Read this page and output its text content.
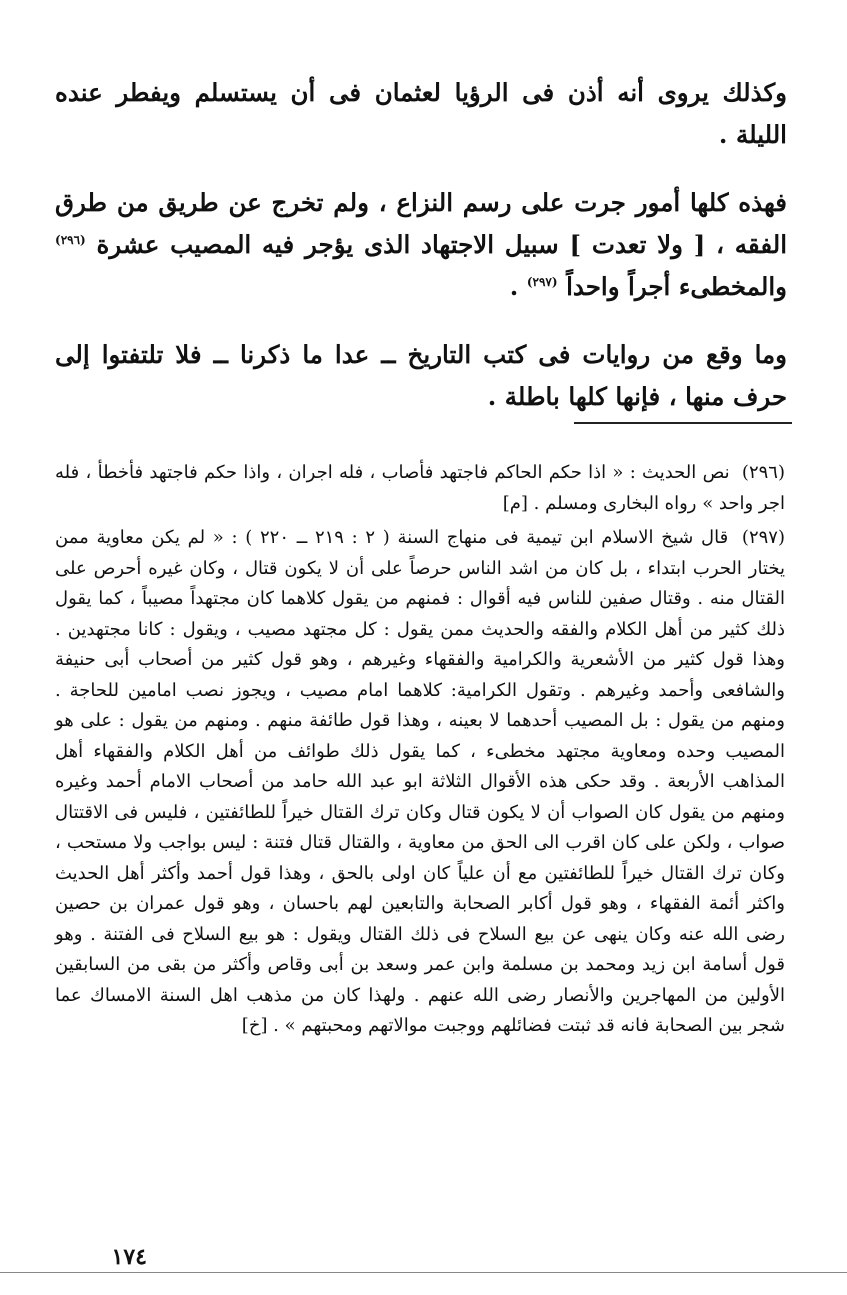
وكذلك يروى أنه أذن فى الرؤيا لعثمان فى أن يستسلم ويفطر عنده الليلة .

فهذه كلها أمور جرت على رسم النزاع ، ولم تخرج عن طريق من طرق الفقه ، [ ولا تعدت ] سبيل الاجتهاد الذى يؤجر فيه المصيب عشرة $^{(٢٩٦)}$ والمخطىء أجراً واحداً $^{(٢٩٧)}$ .

وما وقع من روايات فى كتب التاريخ ــ عدا ما ذكرنا ــ فلا تلتفتوا إلى حرف منها ، فإنها كلها باطلة .

(٢٩٦) نص الحديث : « اذا حكم الحاكم فاجتهد فأصاب ، فله اجران ، واذا حكم فاجتهد فأخطأ ، فله اجر واحد » رواه البخارى ومسلم . [م]

(٢٩٧) قال شيخ الاسلام ابن تيمية فى منهاج السنة ( ٢ : ٢١٩ ــ ٢٢٠ ) : « لم يكن معاوية ممن يختار الحرب ابتداء ، بل كان من اشد الناس حرصاً على أن لا يكون قتال ، وكان غيره أحرص على القتال منه . وقتال صفين للناس فيه أقوال : فمنهم من يقول كلاهما كان مجتهداً مصيباً ، كما يقول ذلك كثير من أهل الكلام والفقه والحديث ممن يقول : كل مجتهد مصيب ، ويقول : كانا مجتهدين . وهذا قول كثير من الأشعرية والكرامية والفقهاء وغيرهم ، وهو قول كثير من أصحاب أبى حنيفة والشافعى وأحمد وغيرهم . وتقول الكرامية: كلاهما امام مصيب ، ويجوز نصب امامين للحاجة . ومنهم من يقول : بل المصيب أحدهما لا بعينه ، وهذا قول طائفة منهم . ومنهم من يقول : على هو المصيب وحده ومعاوية مجتهد مخطىء ، كما يقول ذلك طوائف من أهل الكلام والفقهاء أهل المذاهب الأربعة . وقد حكى هذه الأقوال الثلاثة ابو عبد الله حامد من أصحاب الامام أحمد وغيره ومنهم من يقول كان الصواب أن لا يكون قتال وكان ترك القتال خيراً للطائفتين ، فليس فى الاقتتال صواب ، ولكن على كان اقرب الى الحق من معاوية ، والقتال قتال فتنة : ليس بواجب ولا مستحب ، وكان ترك القتال خيراً للطائفتين مع أن علياً كان اولى بالحق ، وهذا قول أحمد وأكثر أهل الحديث واكثر أئمة الفقهاء ، وهو قول أكابر الصحابة والتابعين لهم باحسان ، وهو قول عمران بن حصين رضى الله عنه وكان ينهى عن بيع السلاح فى ذلك القتال ويقول : هو بيع السلاح فى الفتنة . وهو قول أسامة ابن زيد ومحمد بن مسلمة وابن عمر وسعد بن أبى وقاص وأكثر من بقى من السابقين الأولين من المهاجرين والأنصار رضى الله عنهم . ولهذا كان من مذهب اهل السنة الامساك عما شجر بين الصحابة فانه قد ثبتت فضائلهم ووجبت موالاتهم ومحبتهم » . [خ]

١٧٤
